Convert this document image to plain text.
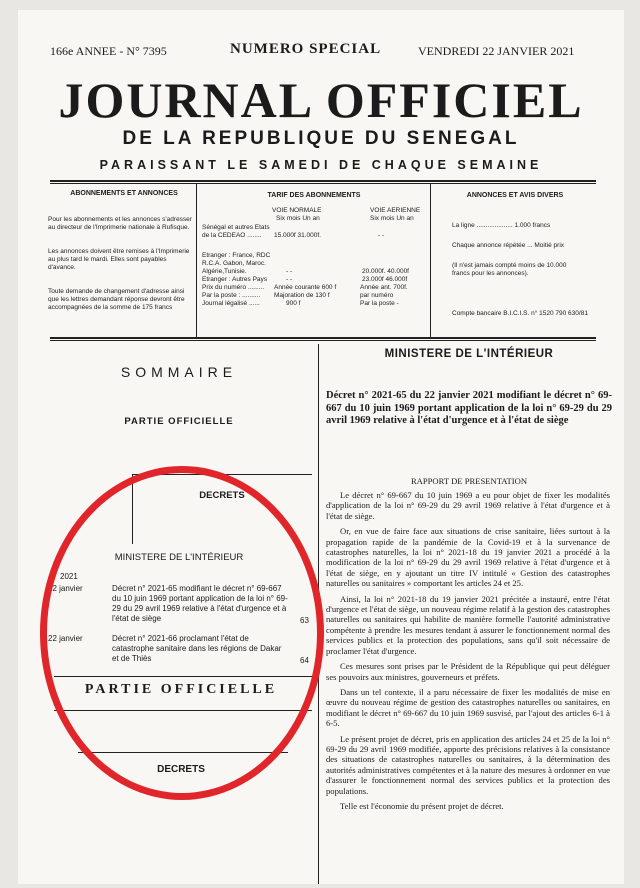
166e ANNEE - N° 7395	NUMERO SPECIAL	VENDREDI 22 JANVIER 2021
JOURNAL OFFICIEL
DE LA REPUBLIQUE DU SENEGAL
PARAISSANT LE SAMEDI DE CHAQUE SEMAINE
ABONNEMENTS ET ANNONCES
Pour les abonnements et les annonces s'adresser au directeur de l'Imprimerie nationale à Rufisque.
Les annonces doivent être remises à l'Imprimerie au plus tard le mardi. Elles sont payables d'avance.
Toute demande de changement d'adresse ainsi que les lettres demandant réponse devront être accompagnées de la somme de 175 francs
TARIF DES ABONNEMENTS
VOIE NORMALE	VOIE AERIENNE
Six mois Un an	Six mois Un an
Sénégal et autres Etats
de la CEDEAO ........ 15.000f 31.000f.	- -
Etranger : France, RDC
R.C.A. Gabon, Maroc.
Algérie,Tunisie.	- -	20.000f. 40.000f
Etranger : Autres Pays	- -	23.000f 46.000f
Prix du numéro ......... Année courante 600 f	Année ant. 700f.
Par la poste : .......... Majoration de 130 f	par numéro
Journal légalisé ......	900 f	Par la poste -
ANNONCES ET AVIS DIVERS
La ligne .................... 1.000 francs
Chaque annonce répétée ... Moitié prix
(Il n'est jamais compté moins de 10.000 francs pour les annonces).
Compte bancaire B.I.C.I.S. n° 1520 790 630/81
SOMMAIRE
PARTIE OFFICIELLE
DECRETS
MINISTERE DE L'INTÉRIEUR
2021
22 janvier	Décret n° 2021-65 modifiant le décret n° 69-667 du 10 juin 1969 portant application de la loi n° 69-29 du 29 avril 1969 relative à l'état d'urgence et à l'état de siège	63
22 janvier	Décret n° 2021-66 proclamant l'état de catastrophe sanitaire dans les régions de Dakar et de Thiès	64
PARTIE OFFICIELLE
DECRETS
MINISTERE DE L'INTÉRIEUR
Décret n° 2021-65 du 22 janvier 2021 modifiant le décret n° 69-667 du 10 juin 1969 portant application de la loi n° 69-29 du 29 avril 1969 relative à l'état d'urgence et à l'état de siège
RAPPORT DE PRESENTATION

Le décret n° 69-667 du 10 juin 1969 a eu pour objet de fixer les modalités d'application de la loi n° 69-29 du 29 avril 1969 relative à l'état d'urgence et à l'état de siège.

Or, en vue de faire face aux situations de crise sanitaire, liées surtout à la propagation rapide de la pandémie de la Covid-19 et à la survenance de catastrophes naturelles, la loi n° 2021-18 du 19 janvier 2021 a procédé à la modification de la loi n° 69-29 du 29 avril 1969 relative à l'état d'urgence et à l'état de siège, en y ajoutant un titre IV intitulé « Gestion des catastrophes naturelles ou sanitaires » comportant les articles 24 et 25.

Ainsi, la loi n° 2021-18 du 19 janvier 2021 précitée a instauré, entre l'état d'urgence et l'état de siège, un nouveau régime relatif à la gestion des catastrophes naturelles ou sanitaires qui habilite de manière formelle l'autorité administrative compétente à prendre les mesures tendant à assurer le fonctionnement normal des services publics et la protection des populations, sans qu'il soit nécessaire de proclamer l'état d'urgence.

Ces mesures sont prises par le Président de la République qui peut déléguer ses pouvoirs aux ministres, gouverneurs et préfets.

Dans un tel contexte, il a paru nécessaire de fixer les modalités de mise en œuvre du nouveau régime de gestion des catastrophes naturelles ou sanitaires, en modifiant le décret n° 69-667 du 10 juin 1969 susvisé, par l'ajout des articles 6-1 à 6-5.

Le présent projet de décret, pris en application des articles 24 et 25 de la loi n° 69-29 du 29 avril 1969 modifiée, apporte des précisions relatives à la consistance des situations de catastrophes naturelles ou sanitaires, à la détermination des autorités administratives compétentes et à la nature des mesures à ordonner en vue d'assurer le fonctionnement normal des services publics et la protection des populations.

Telle est l'économie du présent projet de décret.
